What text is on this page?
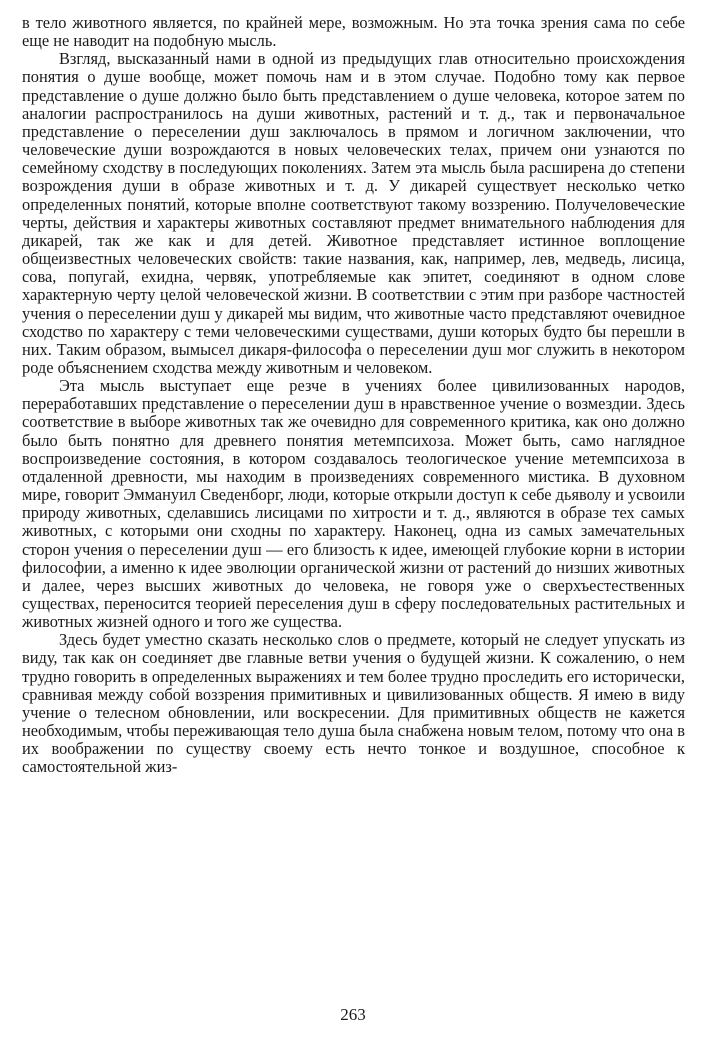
в тело животного является, по крайней мере, возможным. Но эта точка зрения сама по себе еще не наводит на подобную мысль.

Взгляд, высказанный нами в одной из предыдущих глав относительно происхождения понятия о душе вообще, может помочь нам и в этом случае. Подобно тому как первое представление о душе должно было быть представлением о душе человека, которое затем по аналогии распространилось на души животных, растений и т. д., так и первоначальное представление о переселении душ заключалось в прямом и логичном заключении, что человеческие души возрождаются в новых человеческих телах, причем они узнаются по семейному сходству в последующих поколениях. Затем эта мысль была расширена до степени возрождения души в образе животных и т. д. У дикарей существует несколько четко определенных понятий, которые вполне соответствуют такому воззрению. Получеловеческие черты, действия и характеры животных составляют предмет внимательного наблюдения для дикарей, так же как и для детей. Животное представляет истинное воплощение общеизвестных человеческих свойств: такие названия, как, например, лев, медведь, лисица, сова, попугай, ехидна, червяк, употребляемые как эпитет, соединяют в одном слове характерную черту целой человеческой жизни. В соответствии с этим при разборе частностей учения о переселении душ у дикарей мы видим, что животные часто представляют очевидное сходство по характеру с теми человеческими существами, души которых будто бы перешли в них. Таким образом, вымысел дикаря-философа о переселении душ мог служить в некотором роде объяснением сходства между животным и человеком.

Эта мысль выступает еще резче в учениях более цивилизованных народов, переработавших представление о переселении душ в нравственное учение о возмездии. Здесь соответствие в выборе животных так же очевидно для современного критика, как оно должно было быть понятно для древнего понятия метемпсихоза. Может быть, само наглядное воспроизведение состояния, в котором создавалось теологическое учение метемпсихоза в отдаленной древности, мы находим в произведениях современного мистика. В духовном мире, говорит Эммануил Сведенборг, люди, которые открыли доступ к себе дьяволу и усвоили природу животных, сделавшись лисицами по хитрости и т. д., являются в образе тех самых животных, с которыми они сходны по характеру. Наконец, одна из самых замечательных сторон учения о переселении душ — его близость к идее, имеющей глубокие корни в истории философии, а именно к идее эволюции органической жизни от растений до низших животных и далее, через высших животных до человека, не говоря уже о сверхъестественных существах, переносится теорией переселения душ в сферу последовательных растительных и животных жизней одного и того же существа.

Здесь будет уместно сказать несколько слов о предмете, который не следует упускать из виду, так как он соединяет две главные ветви учения о будущей жизни. К сожалению, о нем трудно говорить в определенных выражениях и тем более трудно проследить его исторически, сравнивая между собой воззрения примитивных и цивилизованных обществ. Я имею в виду учение о телесном обновлении, или воскресении. Для примитивных обществ не кажется необходимым, чтобы переживающая тело душа была снабжена новым телом, потому что она в их воображении по существу своему есть нечто тонкое и воздушное, способное к самостоятельной жиз-

263
